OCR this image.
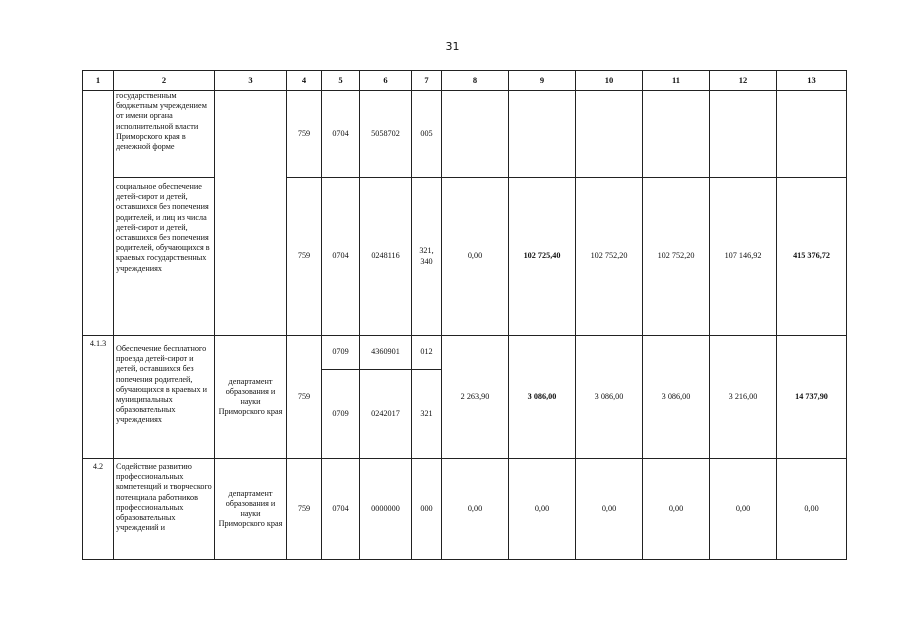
31
1	2	3	4	5	6	7	8	9	10	11	12	13
	государственным бюджетным учреждением от имени органа исполнительной власти Приморского края в денежной форме		759	0704	5058702	005						
	социальное обеспечение детей-сирот и детей, оставшихся без попечения родителей, и лиц из числа детей-сирот и детей, оставшихся без попечения родителей, обучающихся в краевых государственных учреждениях		759	0704	0248116	321, 340	0,00	102 725,40	102 752,20	102 752,20	107 146,92	415 376,72
4.1.3	Обеспечение бесплатного проезда детей-сирот и детей, оставшихся без попечения родителей, обучающихся в краевых и муниципальных образовательных учреждениях	департамент образования и науки Приморского края	759	0709	4360901	012	2 263,90	3 086,00	3 086,00	3 086,00	3 216,00	14 737,90
				0709	0242017	321						
4.2	Содействие развитию профессиональных компетенций и творческого потенциала работников профессиональных образовательных учреждений и	департамент образования и науки Приморского края	759	0704	0000000	000	0,00	0,00	0,00	0,00	0,00	0,00
